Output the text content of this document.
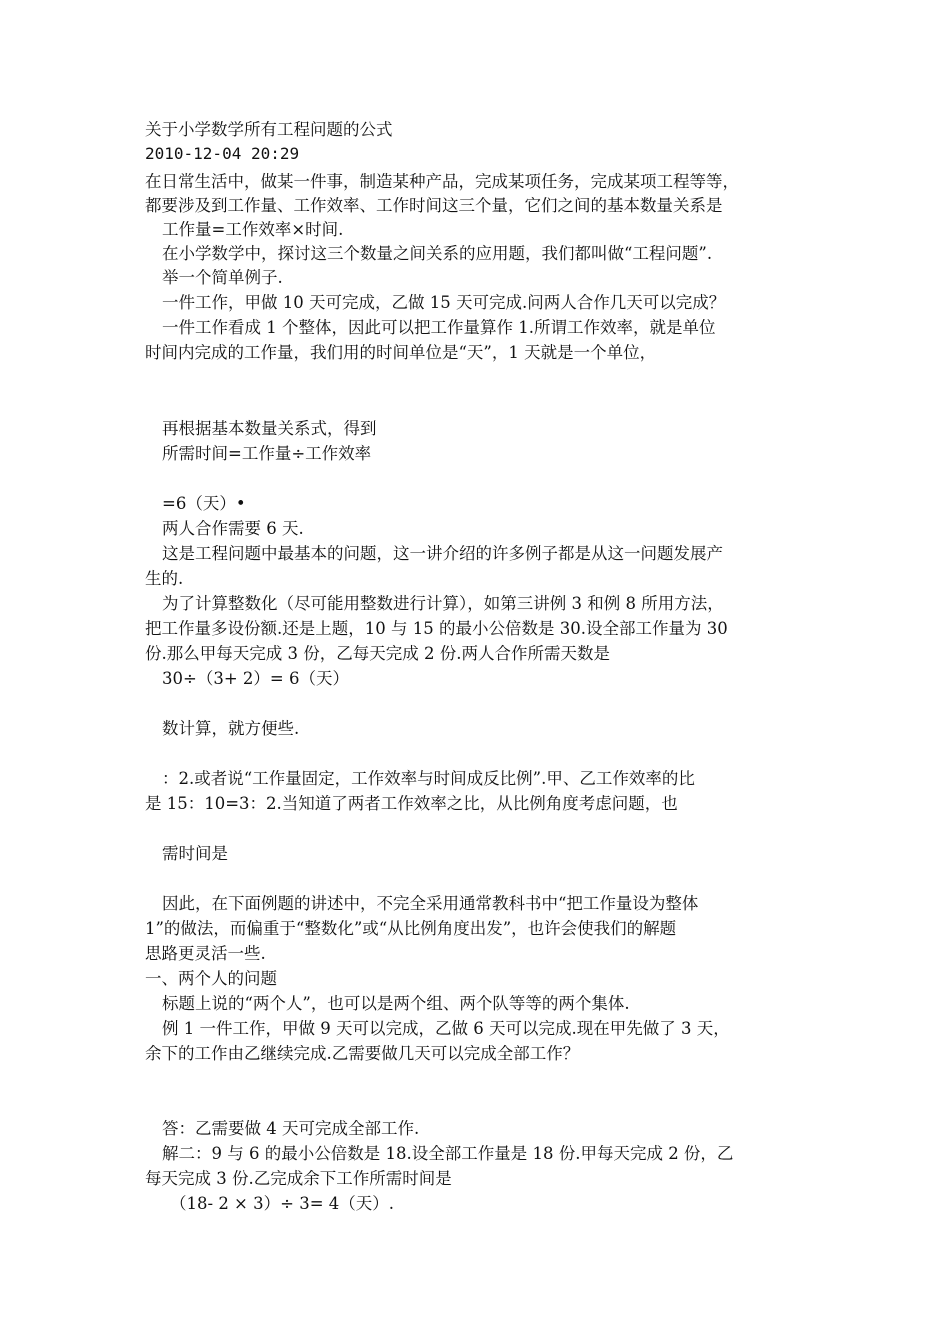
关于小学数学所有工程问题的公式
2010-12-04 20:29
在日常生活中，做某一件事，制造某种产品，完成某项任务，完成某项工程等等，
都要涉及到工作量、工作效率、工作时间这三个量，它们之间的基本数量关系是
工作量=工作效率×时间.
在小学数学中，探讨这三个数量之间关系的应用题，我们都叫做“工程问题”.
举一个简单例子.
一件工作，甲做 10 天可完成，乙做 15 天可完成.问两人合作几天可以完成？
一件工作看成 1 个整体，因此可以把工作量算作 1.所谓工作效率，就是单位
时间内完成的工作量，我们用的时间单位是“天”，1 天就是一个单位，
再根据基本数量关系式，得到
所需时间=工作量÷工作效率
=6（天）•
两人合作需要 6 天.
这是工程问题中最基本的问题，这一讲介绍的许多例子都是从这一问题发展产
生的.
为了计算整数化（尽可能用整数进行计算），如第三讲例 3 和例 8 所用方法，
把工作量多设份额.还是上题，10 与 15 的最小公倍数是 30.设全部工作量为 30
份.那么甲每天完成 3 份，乙每天完成 2 份.两人合作所需天数是
30÷（3+ 2）= 6（天）
数计算，就方便些.
：2.或者说“工作量固定，工作效率与时间成反比例”.甲、乙工作效率的比
是 15：10=3：2.当知道了两者工作效率之比，从比例角度考虑问题，也
需时间是
因此，在下面例题的讲述中，不完全采用通常教科书中“把工作量设为整体
1”的做法，而偏重于“整数化”或“从比例角度出发”，也许会使我们的解题
思路更灵活一些.
一、两个人的问题
标题上说的“两个人”，也可以是两个组、两个队等等的两个集体.
例 1 一件工作，甲做 9 天可以完成，乙做 6 天可以完成.现在甲先做了 3 天，
余下的工作由乙继续完成.乙需要做几天可以完成全部工作？
答：乙需要做 4 天可完成全部工作.
解二：9 与 6 的最小公倍数是 18.设全部工作量是 18 份.甲每天完成 2 份，乙
每天完成 3 份.乙完成余下工作所需时间是
（18- 2 × 3）÷ 3= 4（天）.
